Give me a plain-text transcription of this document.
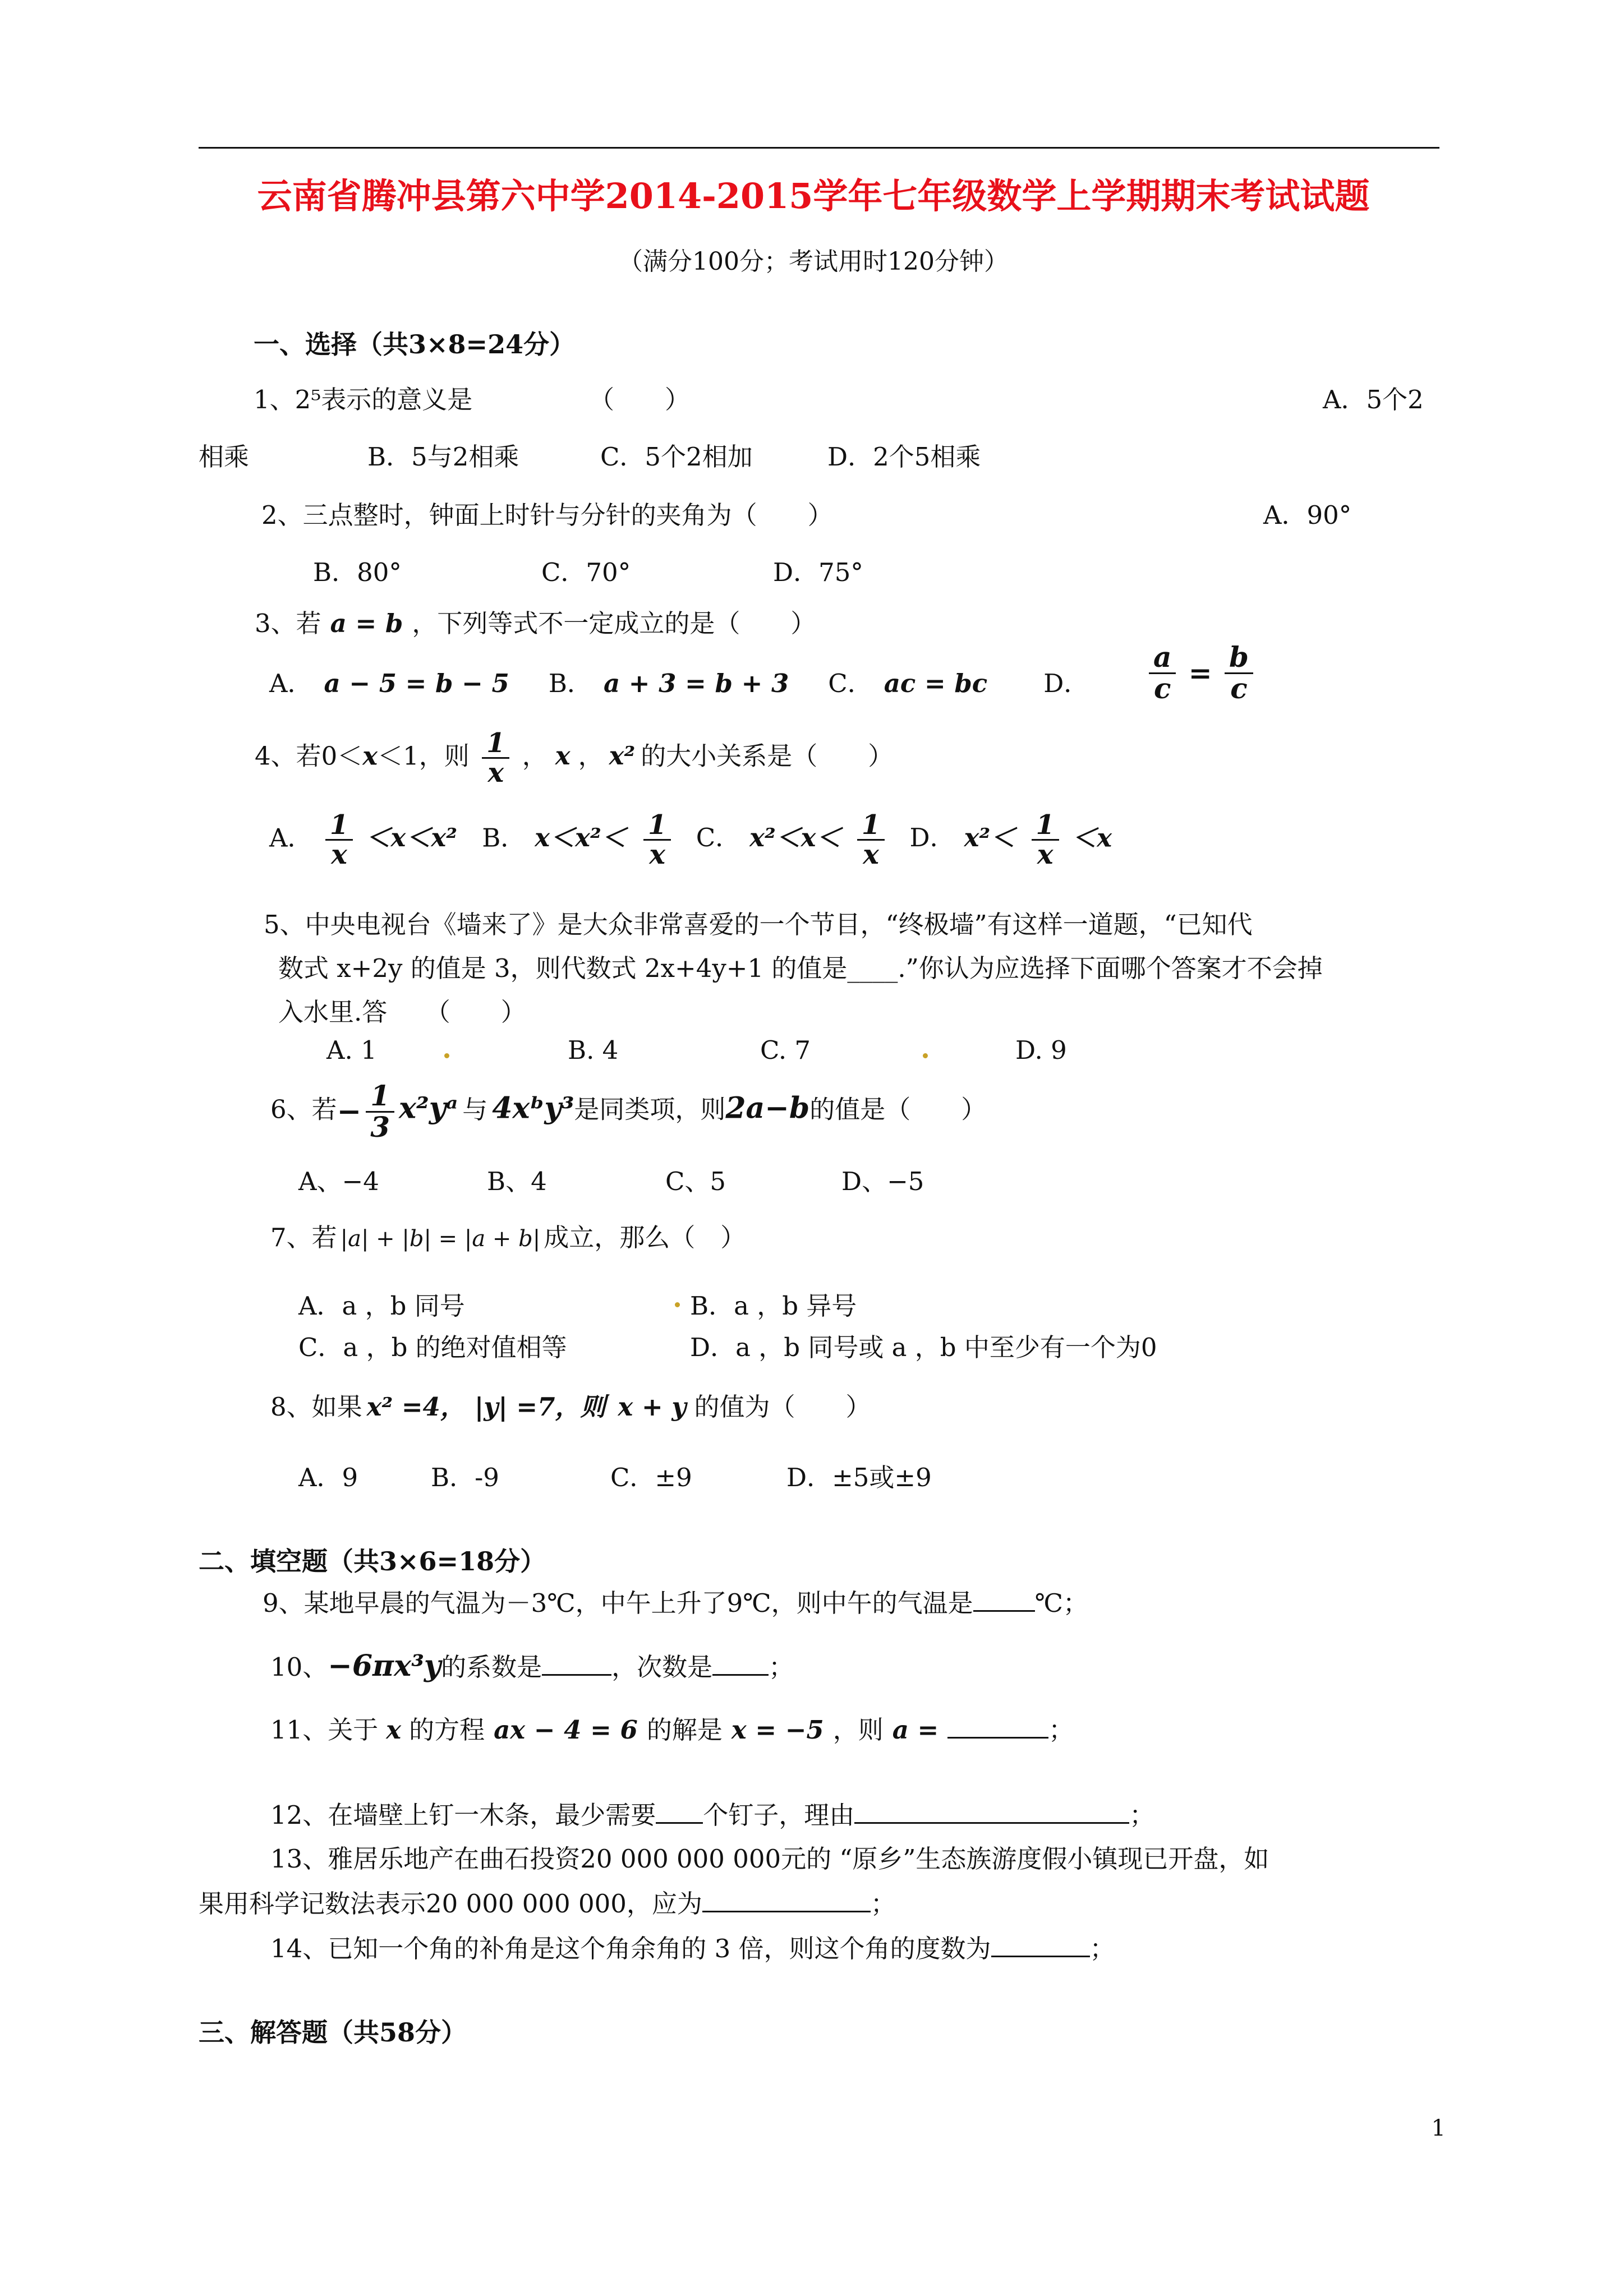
云南省腾冲县第六中学2014-2015学年七年级数学上学期期末考试试题
（满分100分；考试用时120分钟）
一、选择（共3×8=24分）
1、2⁵表示的意义是	（　　）	A．5个2
相乘	B．5与2相乘	C．5个2相加	D．2个5相乘
2、三点整时，钟面上时针与分针的夹角为（　　）	A．90°
B．80°	C．70°	D．75°
3、若 a = b ，下列等式不一定成立的是（　　）
A． a − 5 = b − 5 B． a + 3 = b + 3 C． ac = bc D． $\frac{a}{c} = \frac{b}{c}$
4、若0＜x＜1，则 $\frac{1}{x}$ ， x ， x² 的大小关系是（　　）
A． $\frac{1}{x} <x<x^2$ B． $x<x^2< \frac{1}{x}$ C． $x^2<x< \frac{1}{x}$ D． $x^2< \frac{1}{x} <x$
5、中央电视台《墙来了》是大众非常喜爱的一个节目，“终极墙”有这样一道题，“已知代
数式 x+2y 的值是 3，则代数式 2x+4y+1 的值是____.”你认为应选择下面哪个答案才不会掉
入水里.答　　（　　）
A. 1	B. 4	C. 7	D. 9
6、若− $\frac{1}{3}$ x²yᵃ 与 4xᵇy³是同类项，则2a−b的值是（　　）
A、−4	B、4	C、5	D、−5
7、若 |a| + |b| = |a + b| 成立，那么（　）
A．a ，b 同号	B．a ，b 异号
C．a ，b 的绝对值相等	D．a ，b 同号或 a ，b 中至少有一个为0
8、如果 x² =4， |y| =7，则 x + y 的值为（　　）
A．9	B．-9	C．±9	D．±5或±9
二、填空题（共3×6=18分）
9、某地早晨的气温为－3℃，中午上升了9℃，则中午的气温是 ℃；
10、−6πx³y的系数是	，次数是 ；
11、关于 x 的方程 ax − 4 = 6 的解是 x = −5 ，则 a =	；
12、在墙壁上钉一木条，最少需要 个钉子，理由	；
13、雅居乐地产在曲石投资20 000 000 000元的 “原乡”生态族游度假小镇现已开盘，如
果用科学记数法表示20 000 000 000，应为	；
14、已知一个角的补角是这个角余角的 3 倍，则这个角的度数为	；
三、解答题（共58分）
1
